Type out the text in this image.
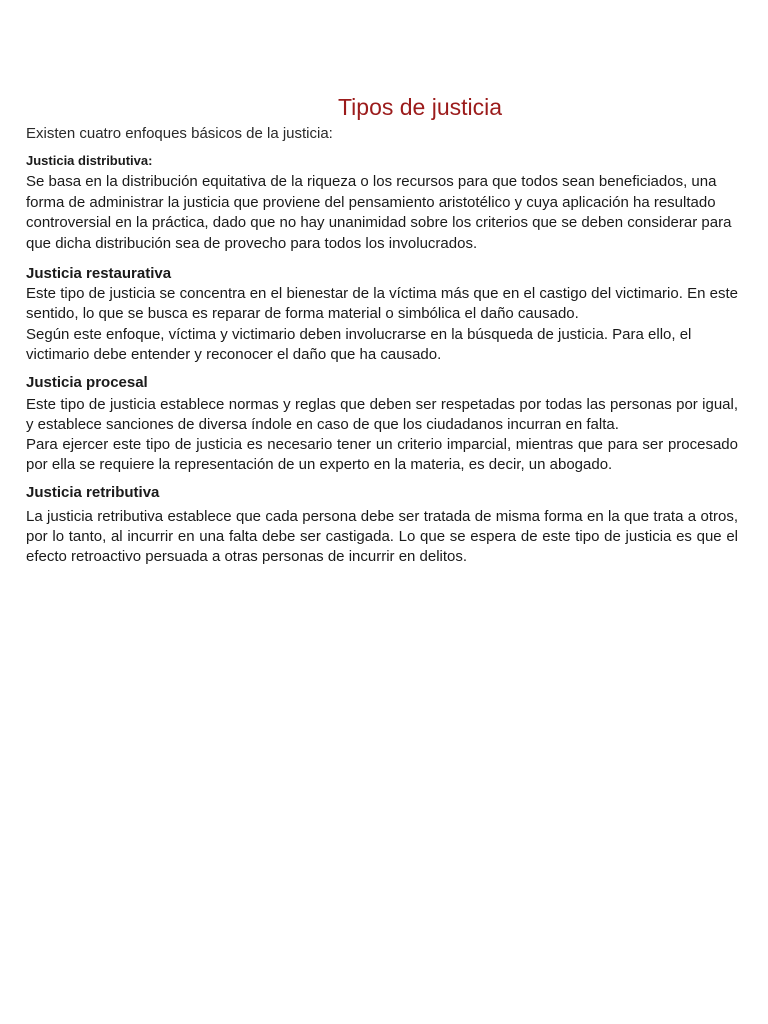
Tipos de justicia

Existen cuatro enfoques básicos de la justicia:

Justicia distributiva:

Se basa en la distribución equitativa de la riqueza o los recursos para que todos sean beneficiados, una forma de administrar la justicia que proviene del pensamiento aristotélico y cuya aplicación ha resultado controversial en la práctica, dado que no hay unanimidad sobre los criterios que se deben considerar para que dicha distribución sea de provecho para todos los involucrados.

Justicia restaurativa

Este tipo de justicia se concentra en el bienestar de la víctima más que en el castigo del victimario. En este sentido, lo que se busca es reparar de forma material o simbólica el daño causado.

Según este enfoque, víctima y victimario deben involucrarse en la búsqueda de justicia. Para ello, el victimario debe entender y reconocer el daño que ha causado.

Justicia procesal

Este tipo de justicia establece normas y reglas que deben ser respetadas por todas las personas por igual, y establece sanciones de diversa índole en caso de que los ciudadanos incurran en falta.

Para ejercer este tipo de justicia es necesario tener un criterio imparcial, mientras que para ser procesado por ella se requiere la representación de un experto en la materia, es decir, un abogado.

Justicia retributiva

La justicia retributiva establece que cada persona debe ser tratada de misma forma en la que trata a otros, por lo tanto, al incurrir en una falta debe ser castigada. Lo que se espera de este tipo de justicia es que el efecto retroactivo persuada a otras personas de incurrir en delitos.
